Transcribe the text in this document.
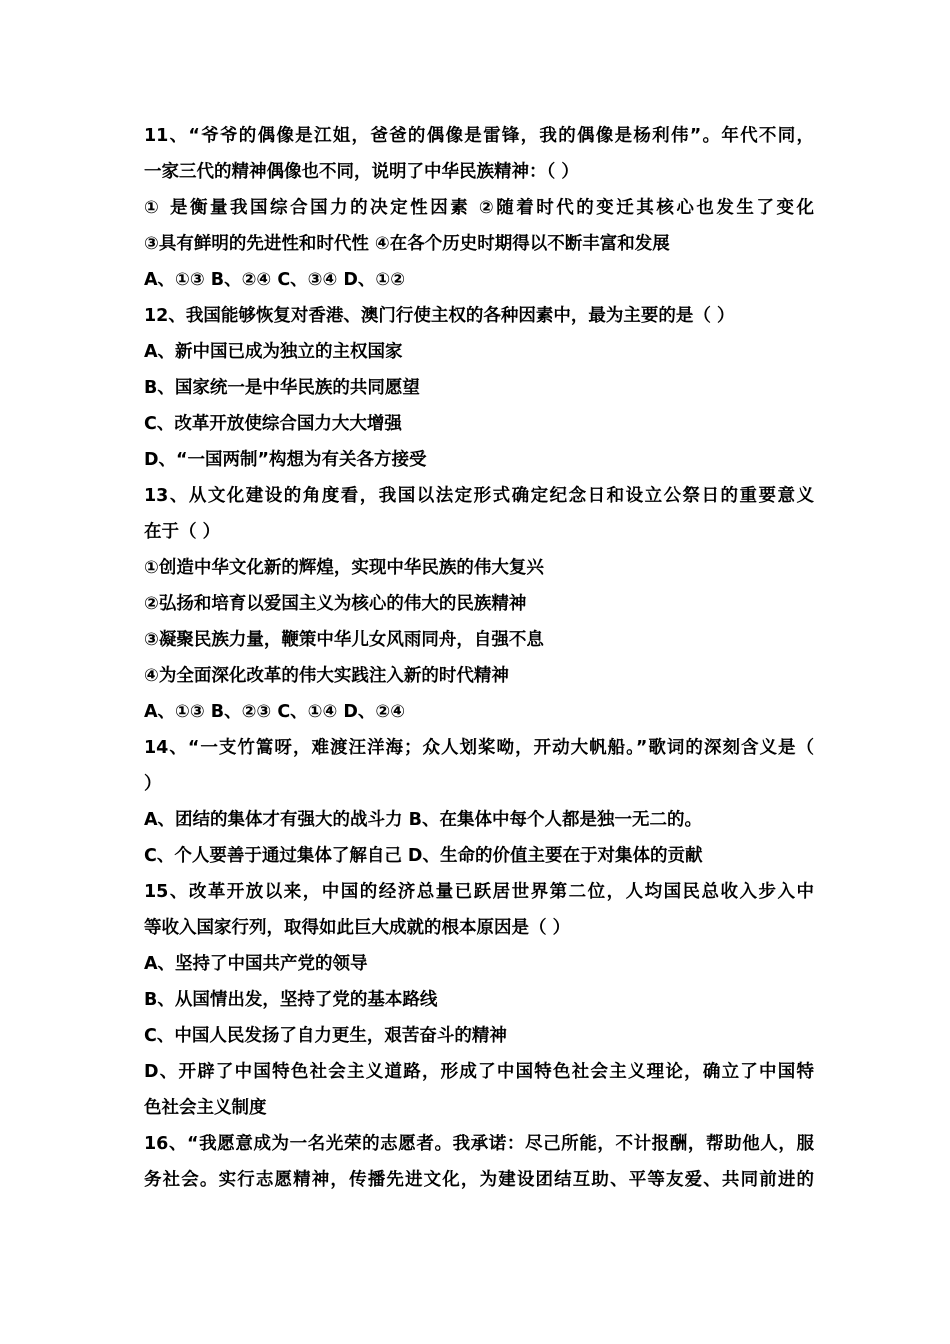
11、“爷爷的偶像是江姐，爸爸的偶像是雷锋，我的偶像是杨利伟”。年代不同，
一家三代的精神偶像也不同，说明了中华民族精神：（ ）
① 是衡量我国综合国力的决定性因素 ②随着时代的变迁其核心也发生了变化
③具有鲜明的先进性和时代性 ④在各个历史时期得以不断丰富和发展
A、①③ B、②④ C、③④ D、①②
12、我国能够恢复对香港、澳门行使主权的各种因素中，最为主要的是（ ）
A、新中国已成为独立的主权国家
B、国家统一是中华民族的共同愿望
C、改革开放使综合国力大大增强
D、“一国两制”构想为有关各方接受
13、从文化建设的角度看，我国以法定形式确定纪念日和设立公祭日的重要意义
在于（ ）
①创造中华文化新的辉煌，实现中华民族的伟大复兴
②弘扬和培育以爱国主义为核心的伟大的民族精神
③凝聚民族力量，鞭策中华儿女风雨同舟，自强不息
④为全面深化改革的伟大实践注入新的时代精神
A、①③ B、②③ C、①④ D、②④
14、“一支竹篙呀，难渡汪洋海；众人划桨呦，开动大帆船。”歌词的深刻含义是（
）
A、团结的集体才有强大的战斗力 B、在集体中每个人都是独一无二的。
C、个人要善于通过集体了解自己 D、生命的价值主要在于对集体的贡献
15、改革开放以来，中国的经济总量已跃居世界第二位，人均国民总收入步入中
等收入国家行列，取得如此巨大成就的根本原因是（ ）
A、坚持了中国共产党的领导
B、从国情出发，坚持了党的基本路线
C、中国人民发扬了自力更生，艰苦奋斗的精神
D、开辟了中国特色社会主义道路，形成了中国特色社会主义理论，确立了中国特
色社会主义制度
16、“我愿意成为一名光荣的志愿者。我承诺：尽己所能，不计报酬，帮助他人，服
务社会。实行志愿精神，传播先进文化，为建设团结互助、平等友爱、共同前进的
